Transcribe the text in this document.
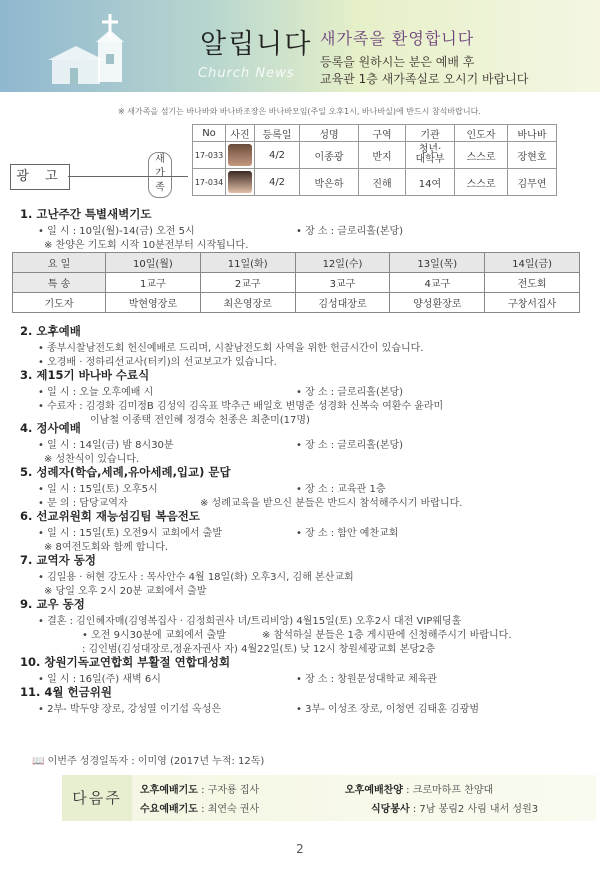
알립니다
Church News
새가족을 환영합니다
등록을 원하시는 분은 예배 후
교육관 1층 새가족실로 오시기 바랍니다
※ 새가족을 섬기는 바나바와 바나바조장은 바나바모임(주일 오후1시, 바나바실)에 반드시 참석바랍니다.
새
가
족
No	사진	등록일	성명	구역	기관	인도자	바나바
17-033		4/2	이종광	반지	청년·
대학부	스스로	장현호
17-034		4/2	박은하	진해	14여	스스로	김무연
광 고
1. 고난주간 특별새벽기도
• 일 시 : 10일(월)-14(금) 오전 5시	• 장 소 : 글로리홀(본당)
※ 찬양은 기도회 시작 10분전부터 시작됩니다.
요 일	10일(월)	11일(화)	12일(수)	13일(목)	14일(금)
특 송	1교구	2교구	3교구	4교구	전도회
기도자	박현영장로	최은영장로	김성대장로	양성환장로	구창서집사
2. 오후예배
• 종부시찰남전도회 헌신예배로 드리며, 시찰남전도회 사역을 위한 헌금시간이 있습니다.
• 오경배 · 정하리선교사(터키)의 선교보고가 있습니다.
3. 제15기 바나바 수료식
• 일 시 : 오늘 오후예배 시	• 장 소 : 글로리홀(본당)
• 수료자 : 김경화 김미정B 김성익 김옥표 박추근 배일호 변명준 성경화 신복숙 여환수 윤라미
이남철 이종택 전인혜 정경숙 천종은 최춘미(17명)
4. 정사예배
• 일 시 : 14일(금) 밤 8시30분	• 장 소 : 글로리홀(본당)
※ 성찬식이 있습니다.
5. 성례자(학습,세례,유아세례,입교) 문답
• 일 시 : 15일(토) 오후5시	• 장 소 : 교육관 1층
• 문 의 : 담당교역자	※ 성례교육을 받으신 분들은 반드시 참석해주시기 바랍니다.
6. 선교위원회 재능섬김팀 복음전도
• 일 시 : 15일(토) 오전9시 교회에서 출발	• 장 소 : 함안 예찬교회
※ 8여전도회와 함께 합니다.
7. 교역자 동정
• 김일용 · 허현 강도사 : 목사안수 4월 18일(화) 오후3시, 김해 본산교회
※ 당일 오후 2시 20분 교회에서 출발
9. 교우 동정
• 결혼 : 김인혜자매(김영복집사 · 김정희권사 녀/트리비앙) 4월15일(토) 오후2시 대전 VIP웨딩홀
• 오전 9시30분에 교회에서 출발	※ 참석하실 분들은 1층 게시판에 신청해주시기 바랍니다.
: 김인범(김성대장로,정윤자권사 자) 4월22일(토) 낮 12시 창원세광교회 본당2층
10. 창원기독교연합회 부활절 연합대성회
• 일 시 : 16일(주) 새벽 6시	• 장 소 : 창원문성대학교 체육관
11. 4월 헌금위원
• 2부- 박두양 장로, 강성열 이기섭 옥성은	• 3부- 이성조 장로, 이청연 김태훈 김광범
📖 이번주 성경일독자 : 이미영 (2017년 누적: 12독)
다음주	오후예배기도 : 구자룡 집사
수요예배기도 : 최연숙 권사
오후예배찬양 : 크로마하프 찬양대
식당봉사 : 7남 봉림2 사림 내서 성원3
2
